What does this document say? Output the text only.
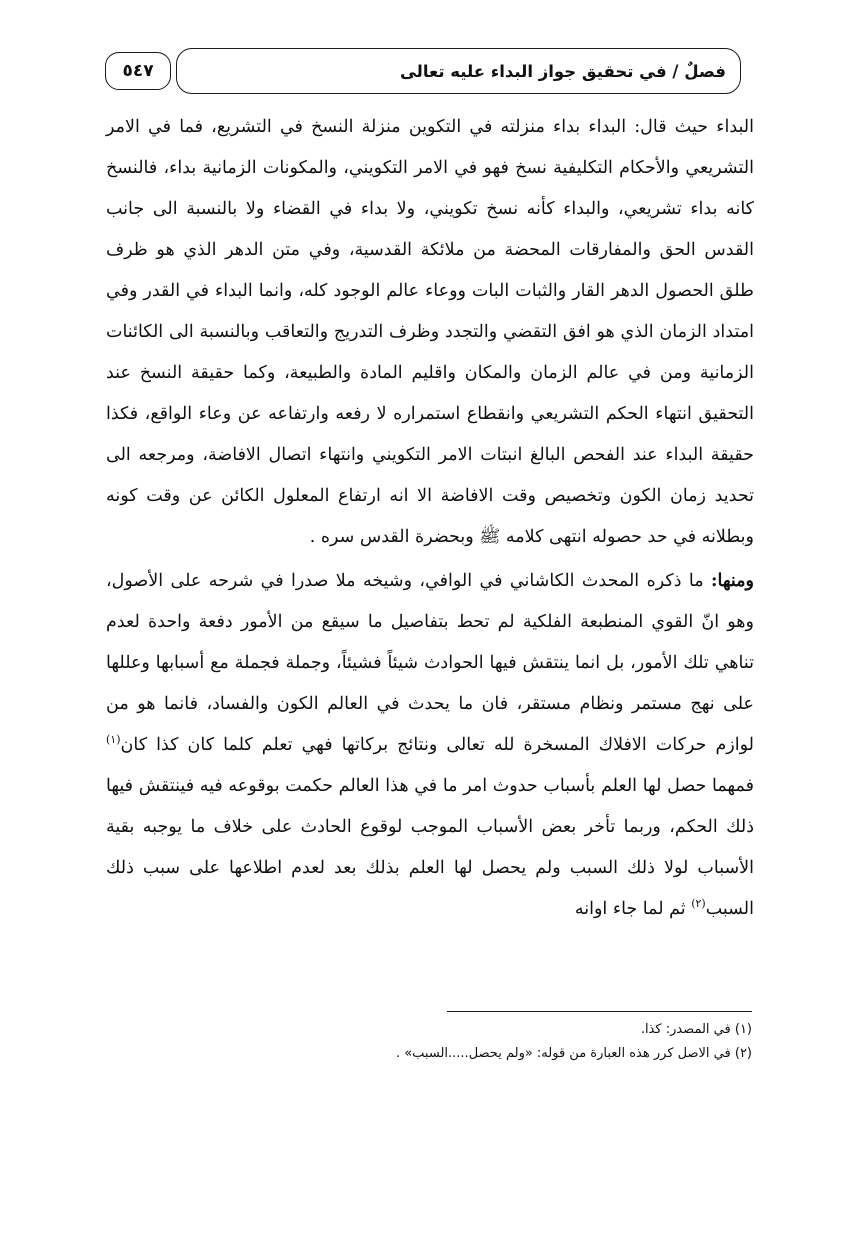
فصلٌ / في تحقيق جواز البداء عليه تعالى
٥٤٧

البداء حيث قال: البداء بداء منزلته في التكوين منزلة النسخ في التشريع، فما في الامر التشريعي والأحكام التكليفية نسخ فهو في الامر التكويني، والمكونات الزمانية بداء، فالنسخ كانه بداء تشريعي، والبداء كأنه نسخ تكويني، ولا بداء في القضاء ولا بالنسبة الى جانب القدس الحق والمفارقات المحضة من ملائكة القدسية، وفي متن الدهر الذي هو ظرف طلق الحصول الدهر القار والثبات البات ووعاء عالم الوجود كله، وانما البداء في القدر وفي امتداد الزمان الذي هو افق التقضي والتجدد وظرف التدريج والتعاقب وبالنسبة الى الكائنات الزمانية ومن في عالم الزمان والمكان واقليم المادة والطبيعة، وكما حقيقة النسخ عند التحقيق انتهاء الحكم التشريعي وانقطاع استمراره لا رفعه وارتفاعه عن وعاء الواقع، فكذا حقيقة البداء عند الفحص البالغ انبتات الامر التكويني وانتهاء اتصال الافاضة، ومرجعه الى تحديد زمان الكون وتخصيص وقت الافاضة الا انه ارتفاع المعلول الكائن عن وقت كونه وبطلانه في حد حصوله انتهى كلامه ﷺ وبحضرة القدس سره .

ومنها: ما ذكره المحدث الكاشاني في الوافي، وشيخه ملا صدرا في شرحه على الأصول، وهو انّ القوي المنطبعة الفلكية لم تحط بتفاصيل ما سيقع من الأمور دفعة واحدة لعدم تناهي تلك الأمور، بل انما ينتقش فيها الحوادث شيئاً فشيئاً، وجملة فجملة مع أسبابها وعللها على نهج مستمر ونظام مستقر، فان ما يحدث في العالم الكون والفساد، فانما هو من لوازم حركات الافلاك المسخرة لله تعالى ونتائج بركاتها فهي تعلم كلما كان كذا كان$^{(١)}$ فمهما حصل لها العلم بأسباب حدوث امر ما في هذا العالم حكمت بوقوعه فيه فينتقش فيها ذلك الحكم، وربما تأخر بعض الأسباب الموجب لوقوع الحادث على خلاف ما يوجبه بقية الأسباب لولا ذلك السبب ولم يحصل لها العلم بذلك بعد لعدم اطلاعها على سبب ذلك السبب$^{(٢)}$ ثم لما جاء اوانه

(١) في المصدر: كذا.

(٢) في الاصل كرر هذه العبارة من قوله: «ولم يحصل.....السبب» .
